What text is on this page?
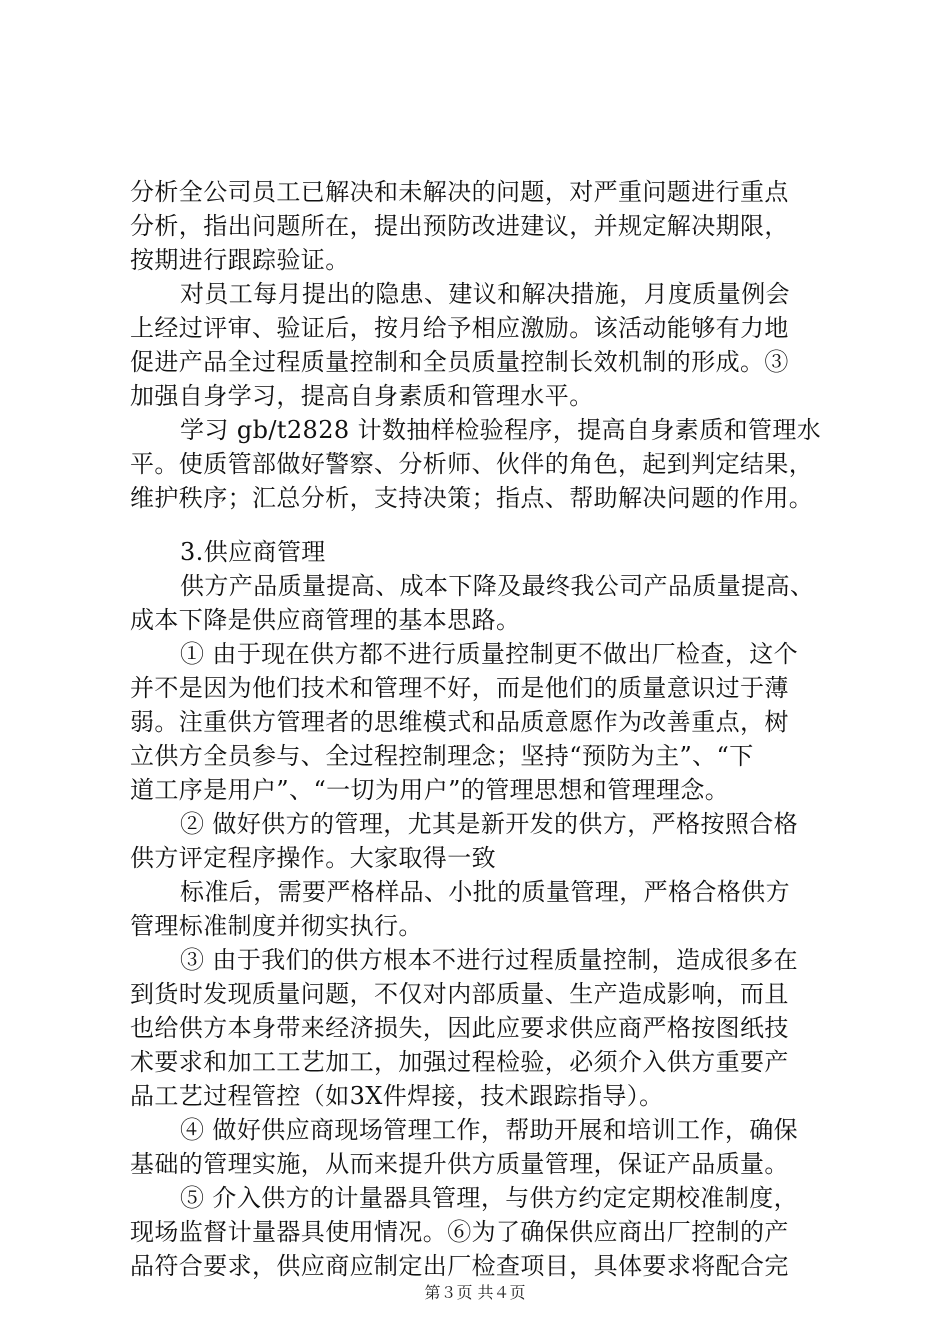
分析全公司员工已解决和未解决的问题，对严重问题进行重点
分析，指出问题所在，提出预防改进建议，并规定解决期限，
按期进行跟踪验证。
对员工每月提出的隐患、建议和解决措施，月度质量例会
上经过评审、验证后，按月给予相应激励。该活动能够有力地
促进产品全过程质量控制和全员质量控制长效机制的形成。③
加强自身学习，提高自身素质和管理水平。
学习 gb/t2828 计数抽样检验程序，提高自身素质和管理水
平。使质管部做好警察、分析师、伙伴的角色，起到判定结果，
维护秩序；汇总分析，支持决策；指点、帮助解决问题的作用。
3.供应商管理
供方产品质量提高、成本下降及最终我公司产品质量提高、
成本下降是供应商管理的基本思路。
① 由于现在供方都不进行质量控制更不做出厂检查，这个
并不是因为他们技术和管理不好，而是他们的质量意识过于薄
弱。注重供方管理者的思维模式和品质意愿作为改善重点，树
立供方全员参与、全过程控制理念；坚持“预防为主”、“下
道工序是用户”、“一切为用户”的管理思想和管理理念。
② 做好供方的管理，尤其是新开发的供方，严格按照合格
供方评定程序操作。大家取得一致
标准后，需要严格样品、小批的质量管理，严格合格供方
管理标准制度并彻实执行。
③ 由于我们的供方根本不进行过程质量控制，造成很多在
到货时发现质量问题，不仅对内部质量、生产造成影响，而且
也给供方本身带来经济损失，因此应要求供应商严格按图纸技
术要求和加工工艺加工，加强过程检验，必须介入供方重要产
品工艺过程管控（如3X件焊接，技术跟踪指导）。
④ 做好供应商现场管理工作，帮助开展和培训工作，确保
基础的管理实施，从而来提升供方质量管理，保证产品质量。
⑤ 介入供方的计量器具管理，与供方约定定期校准制度，
现场监督计量器具使用情况。⑥为了确保供应商出厂控制的产
品符合要求，供应商应制定出厂检查项目，具体要求将配合完
第３页 共４页
